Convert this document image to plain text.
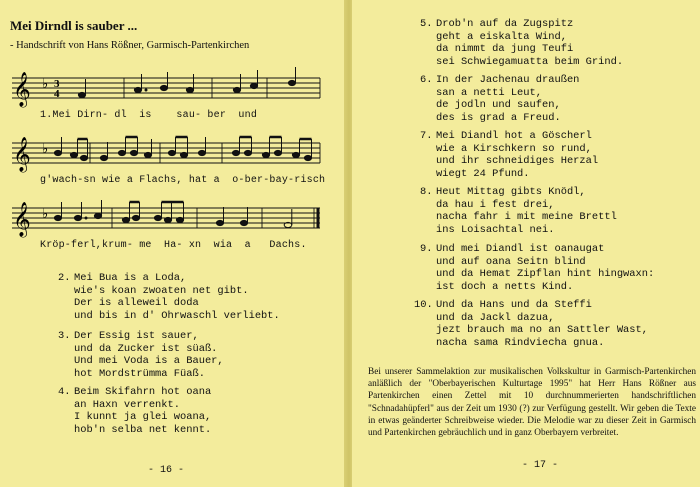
Mei Dirndl is sauber ...
- Handschrift von Hans Rößner, Garmisch-Partenkirchen
𝄞 ♭ 3
4
1.Mei Dirn- dl  is    sau- ber  und
𝄞 ♭
g'wach-sn wie a Flachs, hat a  o-ber-bay-risch
𝄞 ♭
Kröp-ferl,krum- me  Ha- xn  wia  a   Dachs.
2. Mei Bua is a Loda,
wie's koan zwoaten net gibt.
Der is alleweil doda
und bis in d' Ohrwaschl verliebt.
3. Der Essig ist sauer,
und da Zucker ist süaß.
Und mei Voda is a Bauer,
hot Mordstrümma Füaß.
4. Beim Skifahrn hot oana
an Haxn verrenkt.
I kunnt ja glei woana,
hob'n selba net kennt.
- 16 -
5. Drob'n auf da Zugspitz
geht a eiskalta Wind,
da nimmt da jung Teufi
sei Schwiegamuatta beim Grind.
6. In der Jachenau draußen
san a netti Leut,
de jodln und saufen,
des is grad a Freud.
7. Mei Diandl hot a Göscherl
wie a Kirschkern so rund,
und ihr schneidiges Herzal
wiegt 24 Pfund.
8. Heut Mittag gibts Knödl,
da hau i fest drei,
nacha fahr i mit meine Brettl
ins Loisachtal nei.
9. Und mei Diandl ist oanaugat
und auf oana Seitn blind
und da Hemat Zipflan hint hingwaxn:
ist doch a netts Kind.
10. Und da Hans und da Steffi
und da Jackl dazua,
jezt brauch ma no an Sattler Wast,
nacha sama Rindviecha gnua.
Bei unserer Sammelaktion zur musikalischen Volkskultur in Garmisch-Partenkirchen anläßlich der "Oberbayerischen Kulturtage 1995" hat Herr Hans Rößner aus Partenkirchen einen Zettel mit 10 durchnummerierten handschriftlichen "Schnadahüpferl" aus der Zeit um 1930 (?) zur Verfügung gestellt. Wir geben die Texte in etwas geänderter Schreibweise wieder. Die Melodie war zu dieser Zeit in Garmisch und Partenkirchen gebräuchlich und in ganz Oberbayern verbreitet.
- 17 -
